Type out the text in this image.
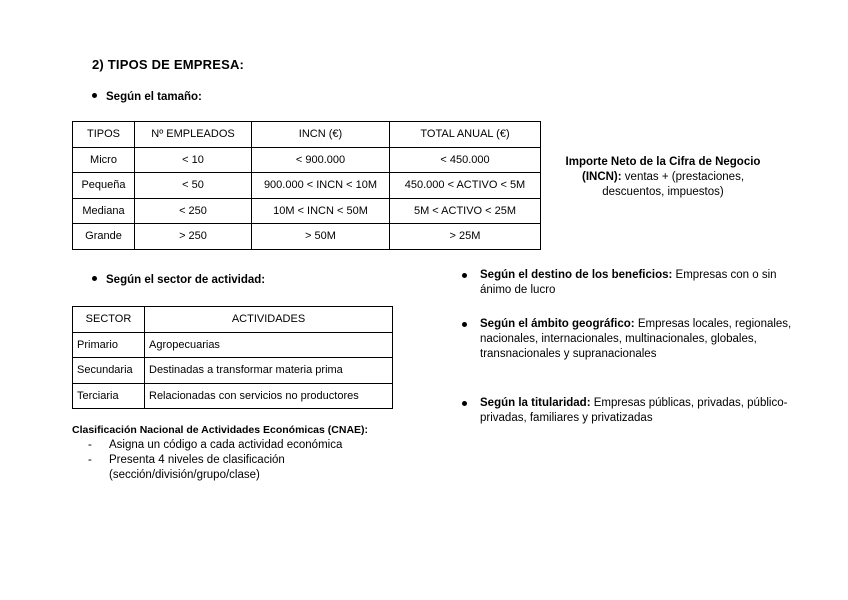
2) TIPOS DE EMPRESA:
Según el tamaño:
TIPOS	Nº EMPLEADOS	INCN (€)	TOTAL ANUAL (€)
Micro	< 10	< 900.000	< 450.000
Pequeña	< 50	900.000 < INCN < 10M	450.000 < ACTIVO < 5M
Mediana	< 250	10M < INCN < 50M	5M < ACTIVO < 25M
Grande	> 250	> 50M	> 25M
Importe Neto de la Cifra de Negocio (INCN): ventas + (prestaciones, descuentos, impuestos)
Según el sector de actividad:
SECTOR	ACTIVIDADES
Primario	Agropecuarias
Secundaria	Destinadas a transformar materia prima
Terciaria	Relacionadas con servicios no productores
Clasificación Nacional de Actividades Económicas (CNAE):
- Asigna un código a cada actividad económica
- Presenta 4 niveles de clasificación (sección/división/grupo/clase)
Según el destino de los beneficios: Empresas con o sin ánimo de lucro
Según el ámbito geográfico: Empresas locales, regionales, nacionales, internacionales, multinacionales, globales, transnacionales y supranacionales
Según la titularidad: Empresas públicas, privadas, público-privadas, familiares y privatizadas
